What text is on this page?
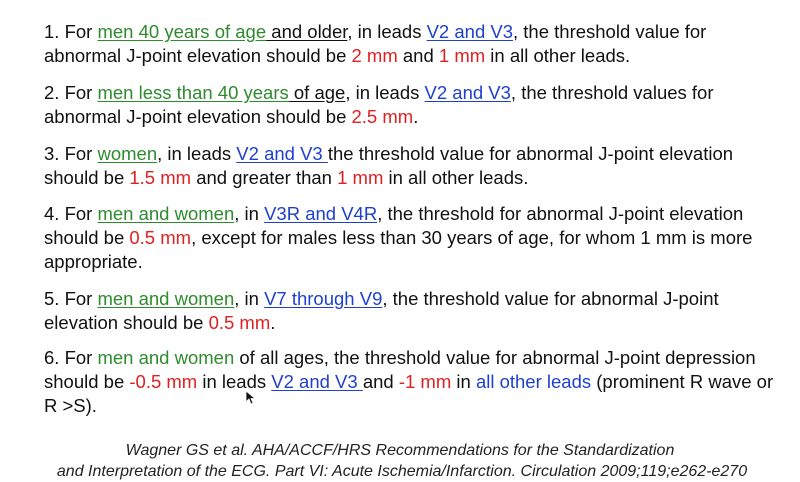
1. For men 40 years of age and older, in leads V2 and V3, the threshold value for abnormal J-point elevation should be 2 mm and 1 mm in all other leads.
2. For men less than 40 years of age, in leads V2 and V3, the threshold values for abnormal J-point elevation should be 2.5 mm.
3. For women, in leads V2 and V3 the threshold value for abnormal J-point elevation should be 1.5 mm and greater than 1 mm in all other leads.
4. For men and women, in V3R and V4R, the threshold for abnormal J-point elevation should be 0.5 mm, except for males less than 30 years of age, for whom 1 mm is more appropriate.
5. For men and women, in V7 through V9, the threshold value for abnormal J-point elevation should be 0.5 mm.
6. For men and women of all ages, the threshold value for abnormal J-point depression should be -0.5 mm in leads V2 and V3 and -1 mm in all other leads (prominent R wave or R >S).
Wagner GS et al. AHA/ACCF/HRS Recommendations for the Standardization
and Interpretation of the ECG. Part VI: Acute Ischemia/Infarction. Circulation 2009;119;e262-e270
